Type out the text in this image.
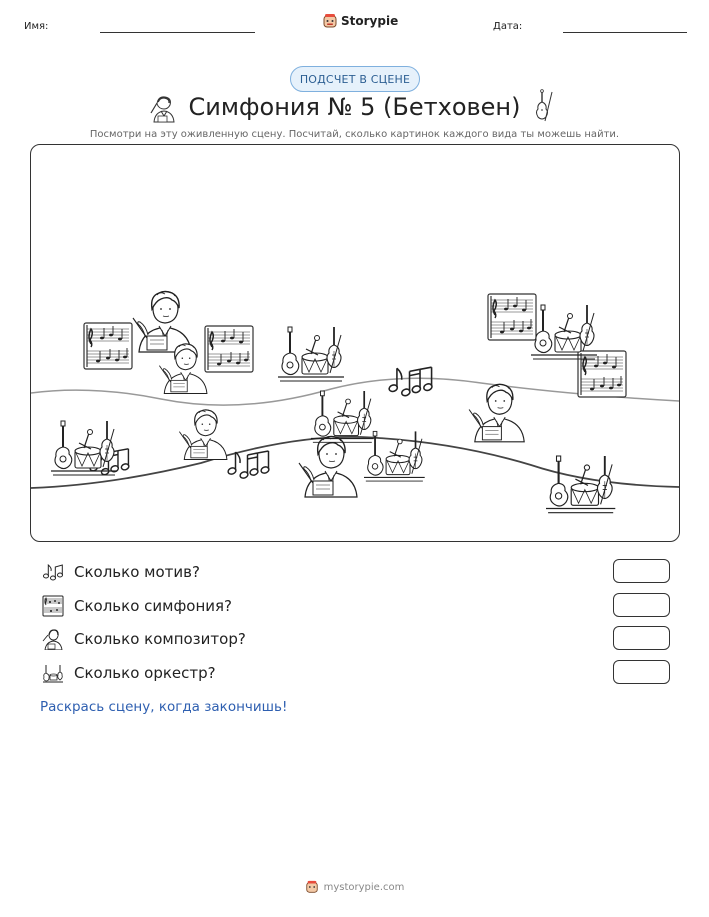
Имя:	Storypie	Дата:
ПОДСЧЕТ В СЦЕНЕ
Симфония № 5 (Бетховен)
Посмотри на эту оживленную сцену. Посчитай, сколько картинок каждого вида ты можешь найти.
Сколько мотив?
Сколько симфония?
Сколько композитор?
Сколько оркестр?
Раскрась сцену, когда закончишь!
mystorypie.com
